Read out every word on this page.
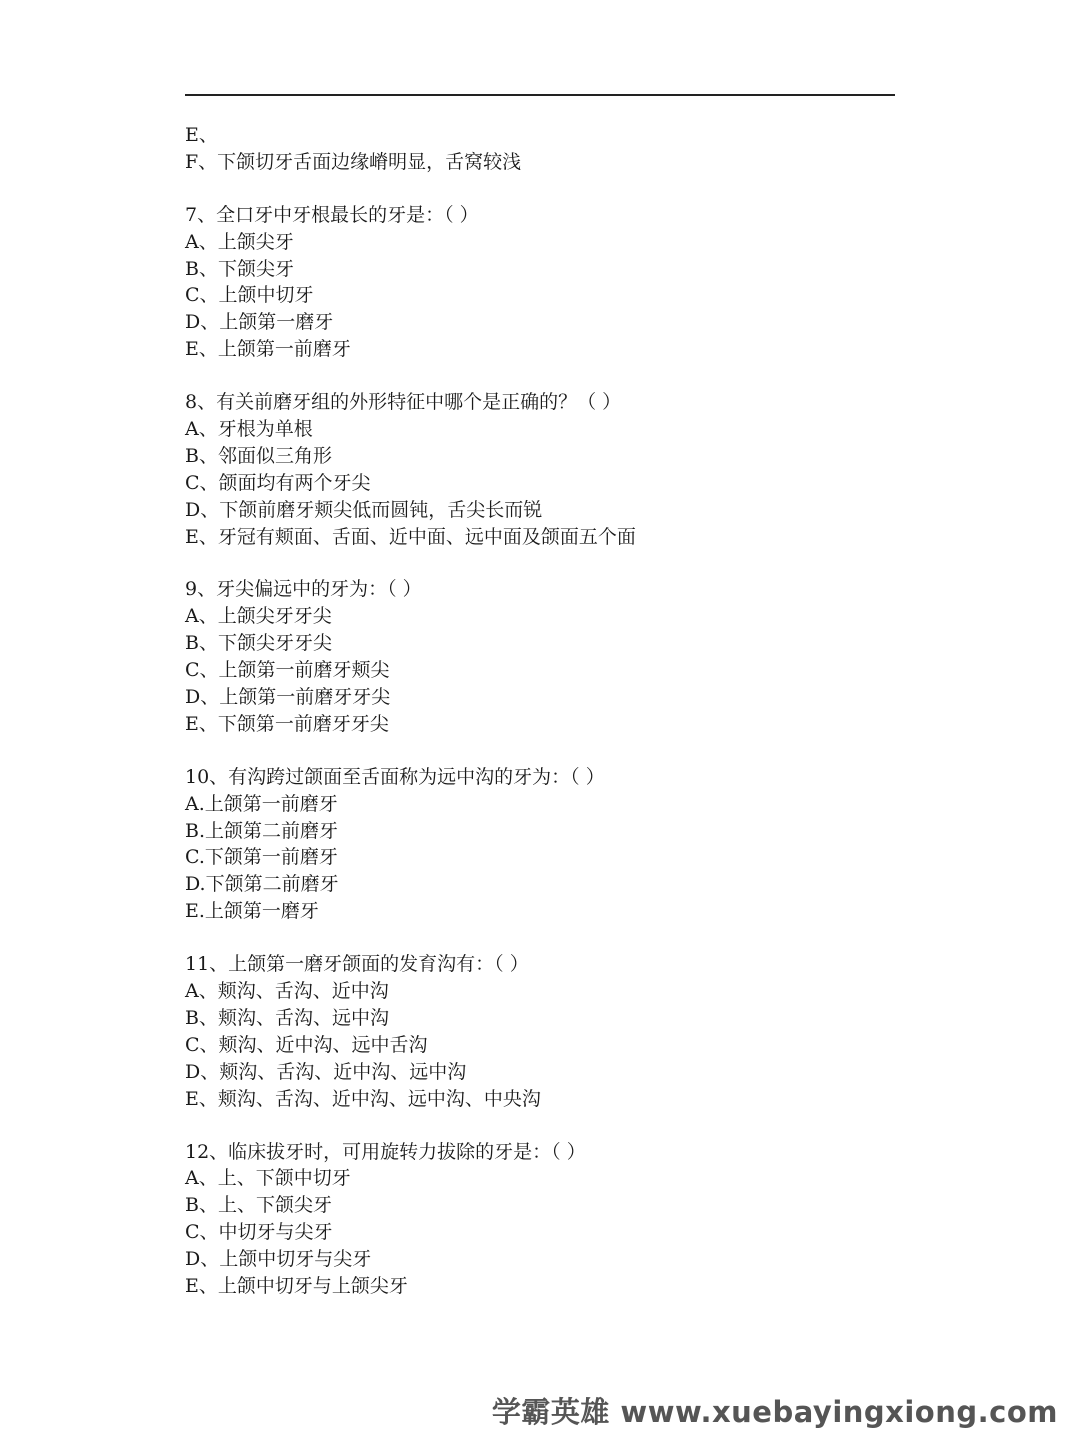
E、
F、下颌切牙舌面边缘嵴明显，舌窝较浅
7、全口牙中牙根最长的牙是：（ ）
A、上颌尖牙
B、下颌尖牙
C、上颌中切牙
D、上颌第一磨牙
E、上颌第一前磨牙
8、有关前磨牙组的外形特征中哪个是正确的？（ ）
A、牙根为单根
B、邻面似三角形
C、颌面均有两个牙尖
D、下颌前磨牙颊尖低而圆钝，舌尖长而锐
E、牙冠有颊面、舌面、近中面、远中面及颌面五个面
9、牙尖偏远中的牙为：（ ）
A、上颌尖牙牙尖
B、下颌尖牙牙尖
C、上颌第一前磨牙颊尖
D、上颌第一前磨牙牙尖
E、下颌第一前磨牙牙尖
10、有沟跨过颌面至舌面称为远中沟的牙为：（ ）
A.上颌第一前磨牙
B.上颌第二前磨牙
C.下颌第一前磨牙
D.下颌第二前磨牙
E.上颌第一磨牙
11、上颌第一磨牙颌面的发育沟有：（ ）
A、颊沟、舌沟、近中沟
B、颊沟、舌沟、远中沟
C、颊沟、近中沟、远中舌沟
D、颊沟、舌沟、近中沟、远中沟
E、颊沟、舌沟、近中沟、远中沟、中央沟
12、临床拔牙时，可用旋转力拔除的牙是：（ ）
A、上、下颌中切牙
B、上、下颌尖牙
C、中切牙与尖牙
D、上颌中切牙与尖牙
E、上颌中切牙与上颌尖牙
学霸英雄 www.xuebayingxiong.com
